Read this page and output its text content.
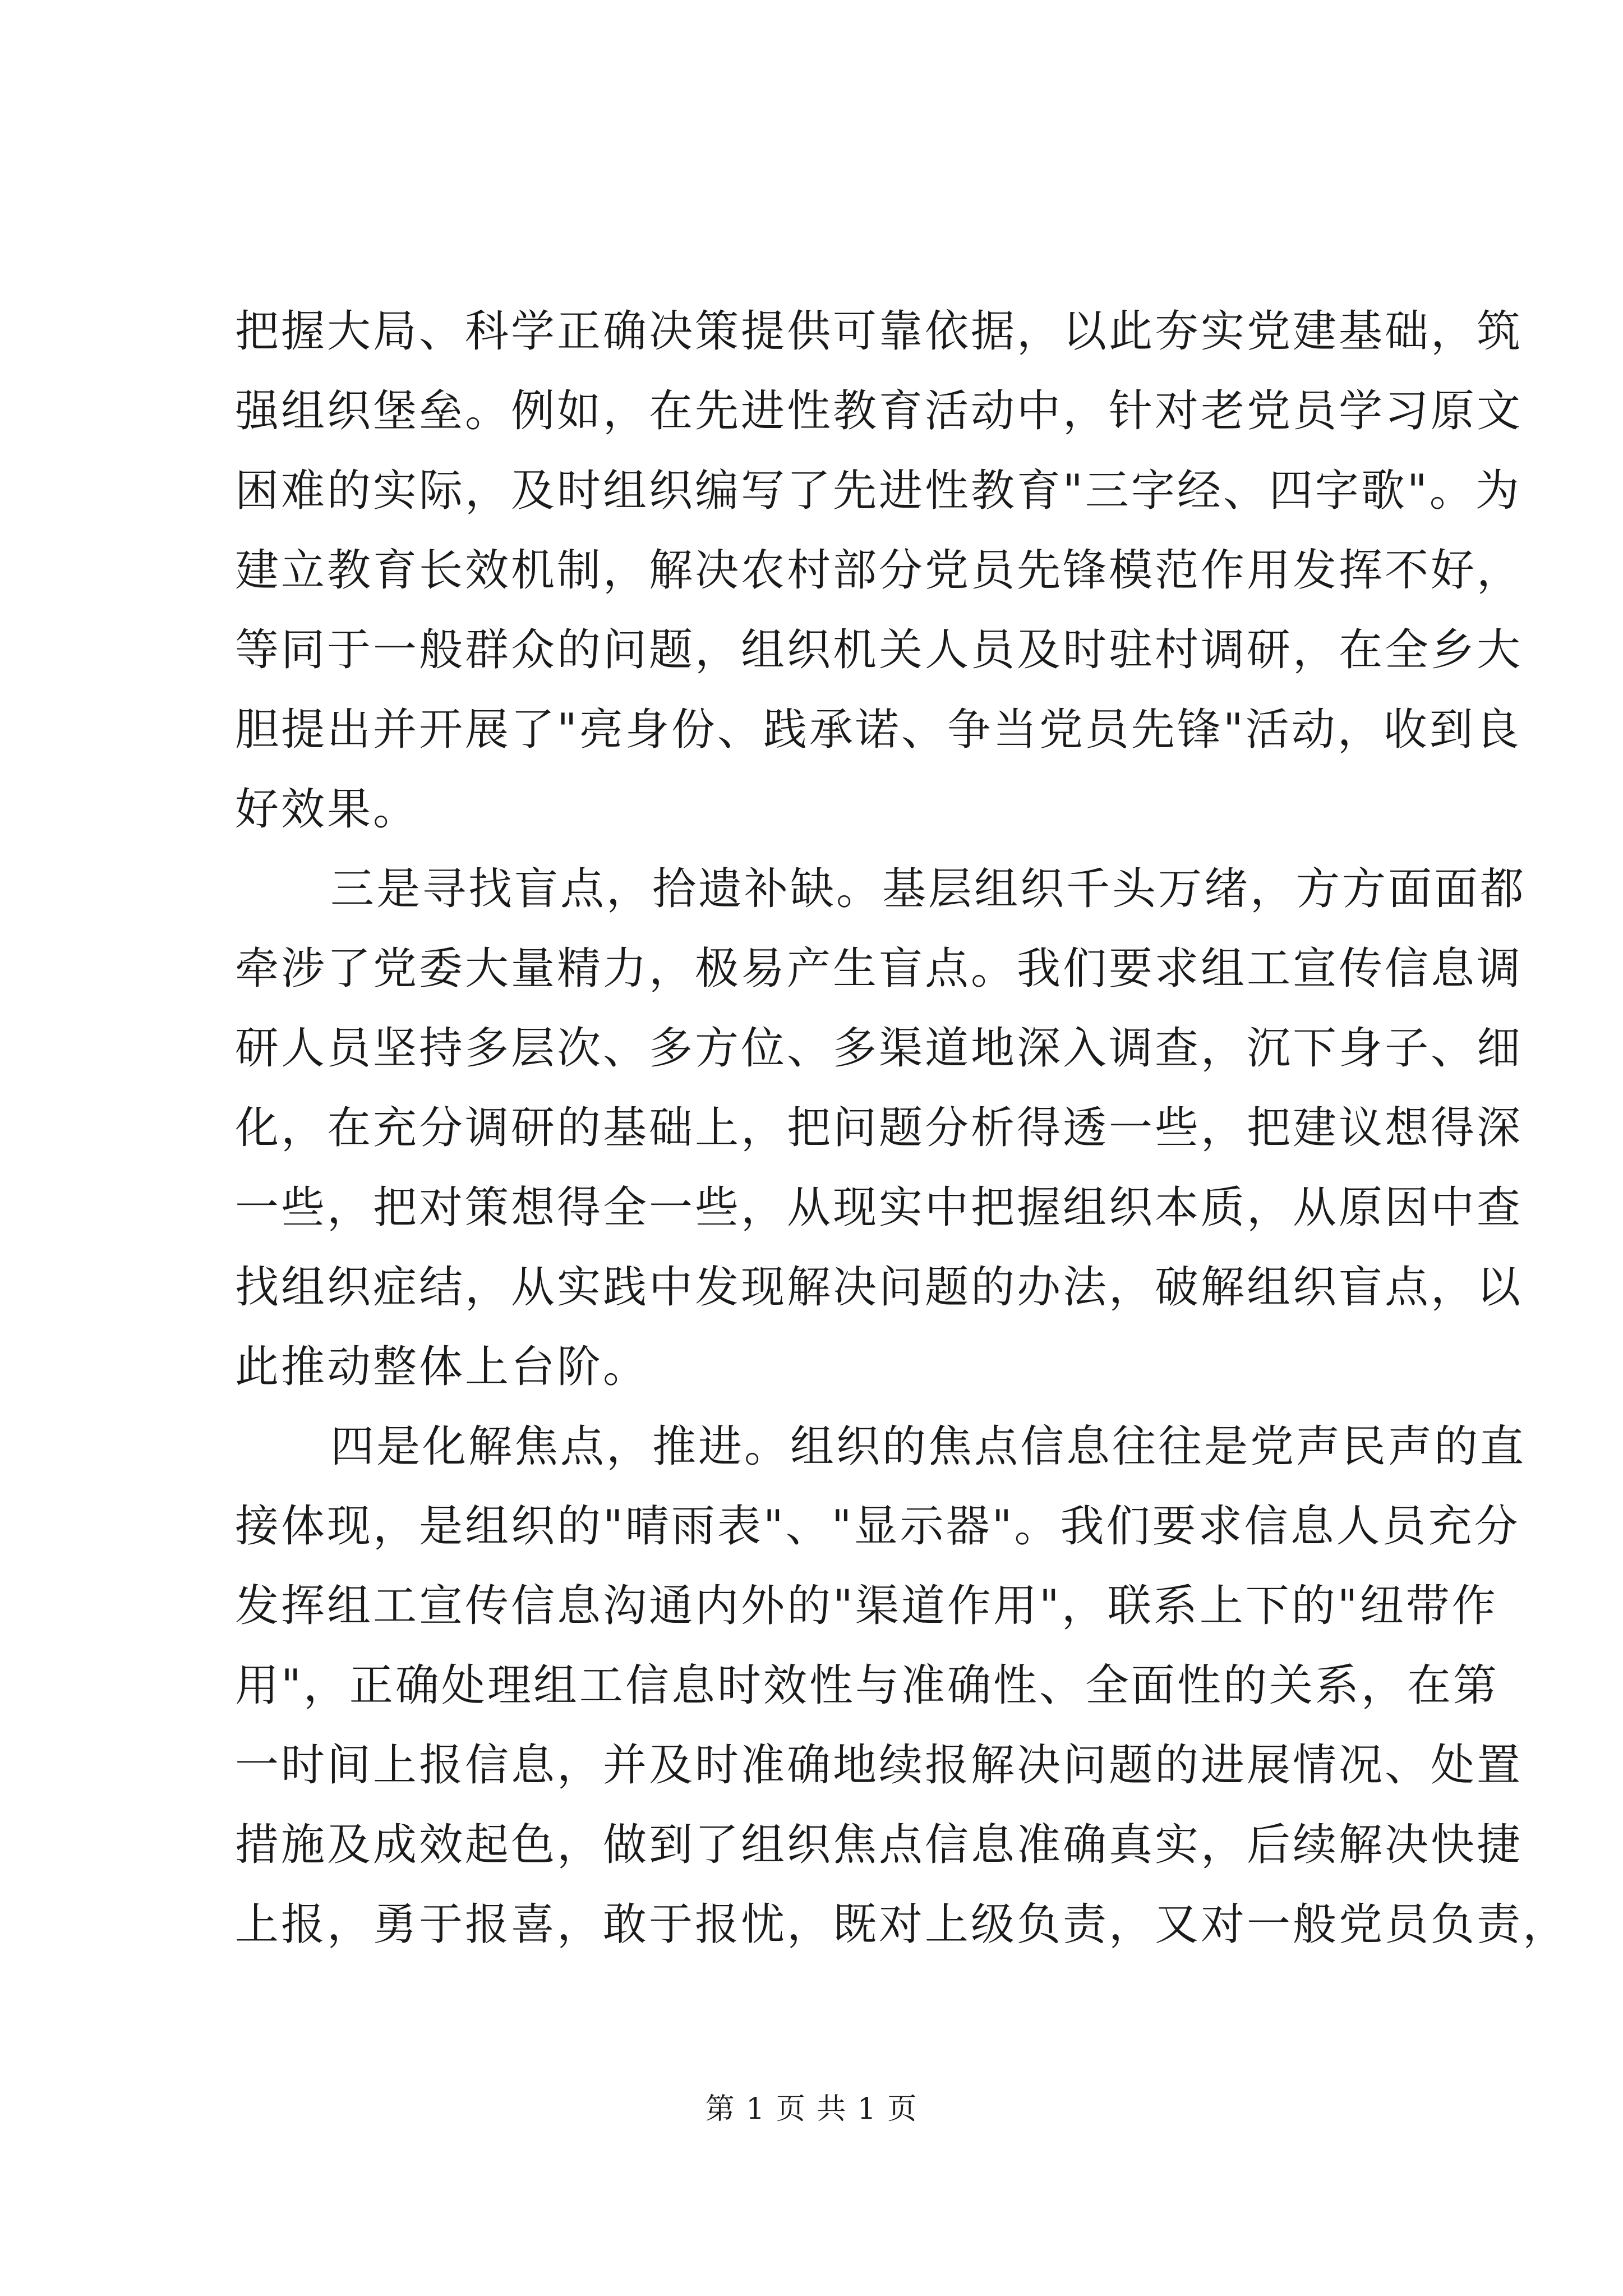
把握大局、科学正确决策提供可靠依据，以此夯实党建基础，筑
强组织堡垒。例如，在先进性教育活动中，针对老党员学习原文
困难的实际，及时组织编写了先进性教育"三字经、四字歌"。为
建立教育长效机制，解决农村部分党员先锋模范作用发挥不好，
等同于一般群众的问题，组织机关人员及时驻村调研，在全乡大
胆提出并开展了"亮身份、践承诺、争当党员先锋"活动，收到良
好效果。
三是寻找盲点，拾遗补缺。基层组织千头万绪，方方面面都
牵涉了党委大量精力，极易产生盲点。我们要求组工宣传信息调
研人员坚持多层次、多方位、多渠道地深入调查，沉下身子、细
化，在充分调研的基础上，把问题分析得透一些，把建议想得深
一些，把对策想得全一些，从现实中把握组织本质，从原因中查
找组织症结，从实践中发现解决问题的办法，破解组织盲点，以
此推动整体上台阶。
四是化解焦点，推进。组织的焦点信息往往是党声民声的直
接体现，是组织的"晴雨表"、"显示器"。我们要求信息人员充分
发挥组工宣传信息沟通内外的"渠道作用"，联系上下的"纽带作
用"，正确处理组工信息时效性与准确性、全面性的关系，在第
一时间上报信息，并及时准确地续报解决问题的进展情况、处置
措施及成效起色，做到了组织焦点信息准确真实，后续解决快捷
上报，勇于报喜，敢于报忧，既对上级负责，又对一般党员负责，
第 1 页 共 1 页
